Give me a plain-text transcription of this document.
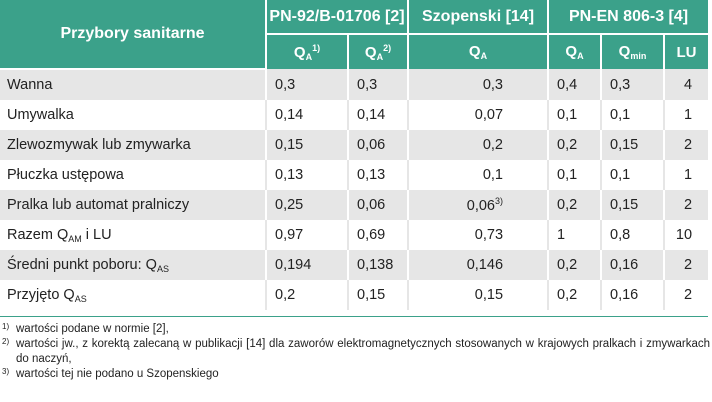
Przybory sanitarne	PN-92/B-01706 [2]		Szopenski [14]	PN-EN 806-3 [4]		
	$Q_A^{1)}$	$Q_A^{2)}$	$Q_A$	$Q_A$	$Q_{min}$	LU
Wanna	0,3	0,3	0,3	0,4	0,3	4
Umywalka	0,14	0,14	0,07	0,1	0,1	1
Zlewozmywak lub zmywarka	0,15	0,06	0,2	0,2	0,15	2
Płuczka ustępowa	0,13	0,13	0,1	0,1	0,1	1
Pralka lub automat pralniczy	0,25	0,06	0,06$^{3)}$	0,2	0,15	2
Razem $Q_{AM}$ i LU	0,97	0,69	0,73	1	0,8	10
Średni punkt poboru: $Q_{AS}$	0,194	0,138	0,146	0,2	0,16	2
Przyjęto $Q_{AS}$	0,2	0,15	0,15	0,2	0,16	2
1) wartości podane w normie [2],
2) wartości jw., z korektą zalecaną w publikacji [14] dla zaworów elektromagnetycznych stosowanych w krajowych pralkach i zmywarkach do naczyń,
3) wartości tej nie podano u Szopenskiego
